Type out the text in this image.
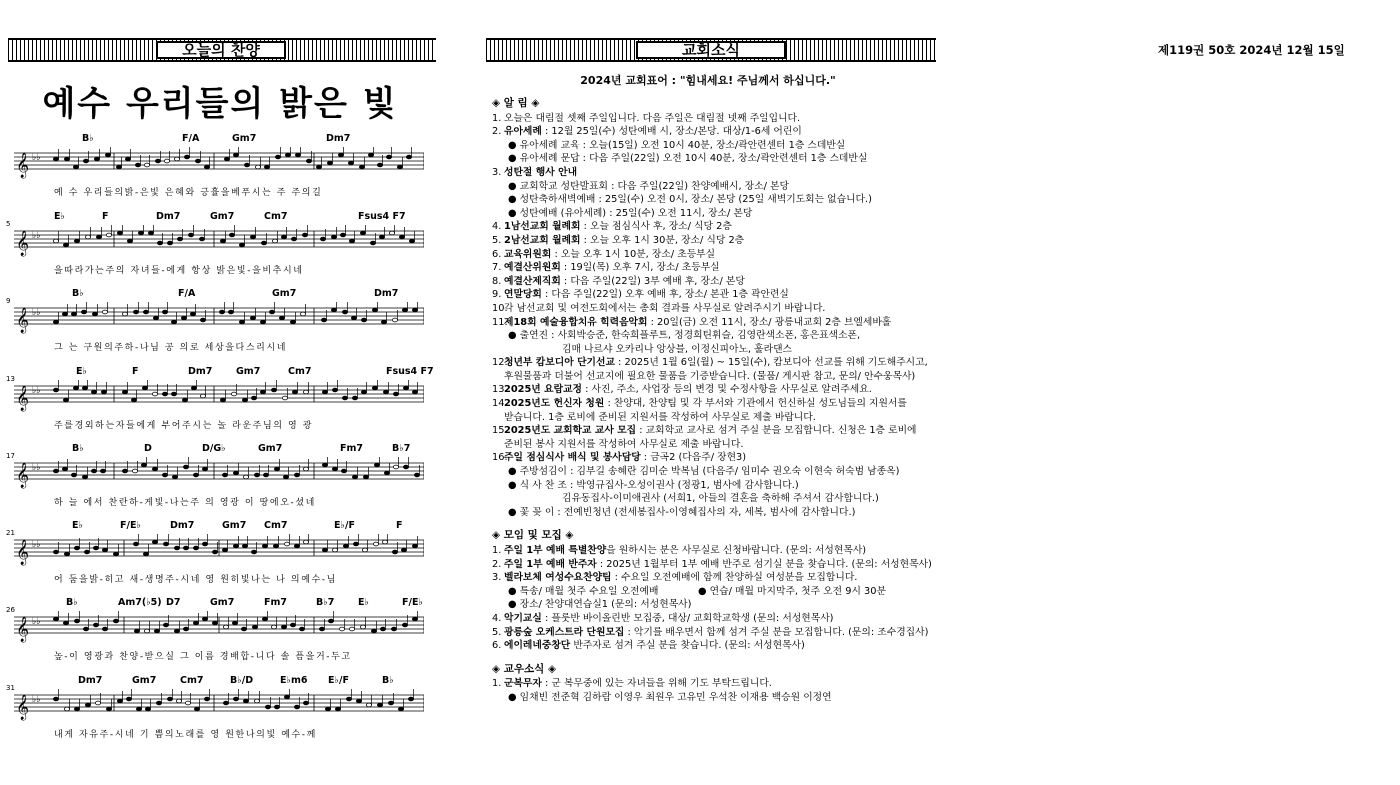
오늘의 찬양
예수 우리들의 밝은 빛
B♭	F/A	Gm7	Dm7
𝄞 ♭♭
예 수 우리들의밝-은빛 은혜와 긍휼을베푸시는 주 주의길
E♭	F	Dm7	Gm7	Cm7	Fsus4 F7
5
𝄞 ♭♭
을따라가는주의 자녀들-에게 항상 밝은빛-을비추시네
B♭	F/A	Gm7	Dm7
9
𝄞 ♭♭
그 는 구원의주하-나님 공 의로 세상을다스리시네
E♭	F	Dm7 Gm7	Cm7	Fsus4 F7
13
𝄞 ♭♭
주를경외하는자들에게 부어주시는 놀 라운주님의 영 광
B♭	D	D/G♭	Gm7	Fm7	B♭7
17
𝄞 ♭♭
하 늘 에서 찬란하-게빛-나는주 의 영광 이 땅에오-셨네
E♭	F/E♭	Dm7	Gm7 Cm7	E♭/F	F
21
𝄞 ♭♭
어 둠을밝-히고 새-생명주-시네 영 원히빛나는 나 의예수-님
B♭	Am7(♭5) D7	Gm7	Fm7	B♭7 E♭	F/E♭
26
𝄞 ♭♭
높-이 영광과 찬양-받으실 그 이름 경배합-니다 솔 픔을거-두고
Dm7	Gm7 Cm7	B♭/D	E♭m6 E♭/F	B♭
31
𝄞 ♭♭
내게 자유주-시네 기 쁨의노래를 영 원한나의빛 예수-께
교회소식	제119권 50호 2024년 12월 15일
2024년 교회표어 : "힘내세요! 주님께서 하십니다."
◈ 알 림 ◈
1. 오늘은 대림절 셋째 주일입니다. 다음 주일은 대림절 넷째 주일입니다.
2. 유아세례 : 12월 25일(수) 성탄예배 시, 장소/본당. 대상/1-6세 어린이
● 유아세례 교육 : 오늘(15일) 오전 10시 40분, 장소/곽안련센터 1층 스데반실
● 유아세례 문답 : 다음 주일(22일) 오전 10시 40분, 장소/곽안련센터 1층 스데반실
3. 성탄절 행사 안내
● 교회학교 성탄발표회 : 다음 주일(22일) 찬양예배시, 장소/ 본당
● 성탄축하새벽예배 : 25일(수) 오전 0시, 장소/ 본당 (25일 새벽기도회는 없습니다.)
● 성탄예배 (유아세례) : 25일(수) 오전 11시, 장소/ 본당
4. 1남선교회 월례회 : 오늘 점심식사 후, 장소/ 식당 2층
5. 2남선교회 월례회 : 오늘 오후 1시 30분, 장소/ 식당 2층
6. 교육위원회 : 오늘 오후 1시 10분, 장소/ 초등부실
7. 예결산위원회 : 19일(목) 오후 7시, 장소/ 초등부실
8. 예결산제직회 : 다음 주일(22일) 3부 예배 후, 장소/ 본당
9. 연말당회 : 다음 주일(22일) 오후 예배 후, 장소/ 본관 1층 곽안련실
10.각 남선교회 및 여전도회에서는 총회 결과를 사무실로 알려주시기 바랍니다.
11.제18회 예술융합치유 힉력음악회 : 20일(금) 오전 11시, 장소/ 광릉내교회 2층 브엘세바홀
● 출연진 : 사회박승준, 한숙희플루트, 정경희틴휘슬, 김영란색소폰, 홍은표색소폰,
김매 나르샤 오카리나 앙상블, 이정신피아노, 훌라댄스
12.청년부 캄보디아 단기선교 : 2025년 1월 6일(월) ~ 15일(수), 캄보디아 선교를 위해 기도해주시고,
후원물품과 더불어 선교지에 필요한 물품을 기증받습니다. (물품/ 게시판 참고, 문의/ 안수웅목사)
13.2025년 요람교정 : 사진, 주소, 사업장 등의 변경 및 수정사항을 사무실로 알려주세요.
14.2025년도 헌신자 청원 : 찬양대, 찬양팀 및 각 부서와 기관에서 헌신하실 성도님들의 지원서를
받습니다. 1층 로비에 준비된 지원서를 작성하여 사무실로 제출 바랍니다.
15.2025년도 교회학교 교사 모집 : 교회학교 교사로 섬겨 주실 분을 모집합니다. 신청은 1층 로비에
준비된 봉사 지원서를 작성하여 사무실로 제출 바랍니다.
16.주일 점심식사 배식 및 봉사담당 : 금곡2 (다음주/ 장현3)
● 주방섬김이 : 김부길 송혜란 김미순 박복님 (다음주/ 임미수 권오숙 이현숙 허숙범 남종옥)
● 식 사 찬 조 : 박영규집사-오성이권사 (정광1, 범사에 감사합니다.)
김유동집사-이미애권사 (서희1, 아들의 결혼을 축하해 주셔서 감사합니다.)
● 꽃 꽂 이 : 전예빈청년 (전세봉집사-이영혜집사의 자, 세복, 범사에 감사합니다.)
◈ 모임 및 모집 ◈
1. 주일 1부 예배 특별찬양을 원하시는 분은 사무실로 신청바랍니다. (문의: 서성현목사)
2. 주일 1부 예배 반주자 : 2025년 1월부터 1부 예배 반주로 섬기실 분을 찾습니다. (문의: 서성현목사)
3. 벨라보체 여성수요찬양팀 : 수요일 오전예배에 함께 찬양하실 여성분을 모집합니다.
● 특송/ 매월 첫주 수요일 오전예배	● 연습/ 매월 마지막주, 첫주 오전 9시 30분
● 장소/ 찬양대연습실1 (문의: 서성현목사)
4. 악기교실 : 플룻반 바이올린반 모집중, 대상/ 교회학교학생 (문의: 서성현목사)
5. 광릉숲 오케스트라 단원모집 : 악기를 배우면서 함께 섬겨 주실 분을 모집합니다. (문의: 조수경집사)
6. 에이레네중창단 반주자로 섬겨 주실 분을 찾습니다. (문의: 서성현목사)
◈ 교우소식 ◈
1. 군복무자 : 군 복무중에 있는 자녀들을 위해 기도 부탁드립니다.
● 임채빈 전준혁 김하람 이영우 최원우 고유민 우석찬 이재용 백승원 이정연
